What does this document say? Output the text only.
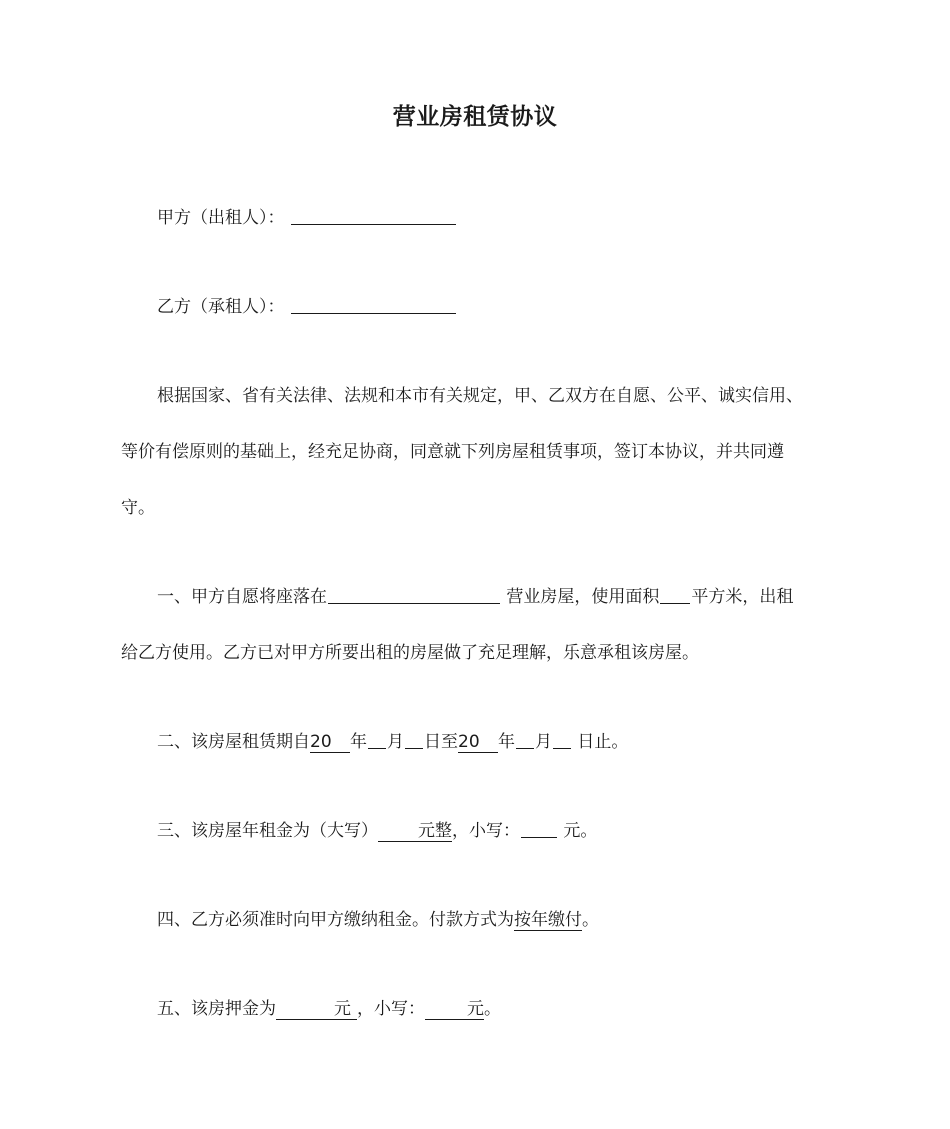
营业房租赁协议
甲方（出租人）：
乙方（承租人）：
根据国家、省有关法律、法规和本市有关规定，甲、乙双方在自愿、公平、诚实信用、
等价有偿原则的基础上，经充足协商，同意就下列房屋租赁事项，签订本协议，并共同遵
守。
一、甲方自愿将座落在	营业房屋，使用面积 平方米，出租
给乙方使用。乙方已对甲方所要出租的房屋做了充足理解，乐意承租该房屋。
二、该房屋租赁期自20 年 月 日至20 年 月 日止。
三、该房屋年租金为（大写） 元整，小写：	元。
四、乙方必须准时向甲方缴纳租金。付款方式为按年缴付。
五、该房押金为	元 ，小写： 元。
